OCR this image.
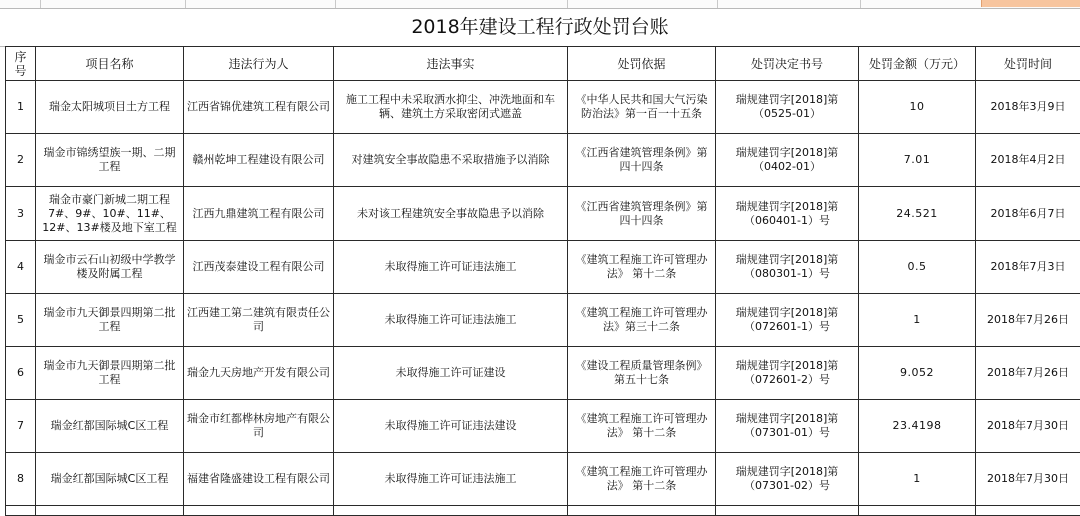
2018年建设工程行政处罚台账
序号	项目名称	违法行为人	违法事实	处罚依据	处罚决定书号	处罚金额（万元）	处罚时间
1	瑞金太阳城项目土方工程	江西省锦优建筑工程有限公司	施工工程中未采取洒水抑尘、冲洗地面和车辆、建筑土方采取密闭式遮盖	《中华人民共和国大气污染防治法》第一百一十五条	瑞规建罚字[2018]第（0525-01）	10	2018年3月9日
2	瑞金市锦绣望族一期、二期工程	赣州乾坤工程建设有限公司	对建筑安全事故隐患不采取措施予以消除	《江西省建筑管理条例》第四十四条	瑞规建罚字[2018]第（0402-01）	7.01	2018年4月2日
3	瑞金市豪门新城二期工程7#、9#、10#、11#、12#、13#楼及地下室工程	江西九鼎建筑工程有限公司	未对该工程建筑安全事故隐患予以消除	《江西省建筑管理条例》第四十四条	瑞规建罚字[2018]第（060401-1）号	24.521	2018年6月7日
4	瑞金市云石山初级中学教学楼及附属工程	江西茂泰建设工程有限公司	未取得施工许可证违法施工	《建筑工程施工许可管理办法》 第十二条	瑞规建罚字[2018]第（080301-1）号	0.5	2018年7月3日
5	瑞金市九天御景四期第二批工程	江西建工第二建筑有限责任公司	未取得施工许可证违法施工	《建筑工程施工许可管理办法》第三十二条	瑞规建罚字[2018]第（072601-1）号	1	2018年7月26日
6	瑞金市九天御景四期第二批工程	瑞金九天房地产开发有限公司	未取得施工许可证建设	《建设工程质量管理条例》第五十七条	瑞规建罚字[2018]第（072601-2）号	9.052	2018年7月26日
7	瑞金红都国际城C区工程	瑞金市红都桦林房地产有限公司	未取得施工许可证违法建设	《建筑工程施工许可管理办法》 第十二条	瑞规建罚字[2018]第（07301-01）号	23.4198	2018年7月30日
8	瑞金红都国际城C区工程	福建省隆盛建设工程有限公司	未取得施工许可证违法施工	《建筑工程施工许可管理办法》 第十二条	瑞规建罚字[2018]第（07301-02）号	1	2018年7月30日
